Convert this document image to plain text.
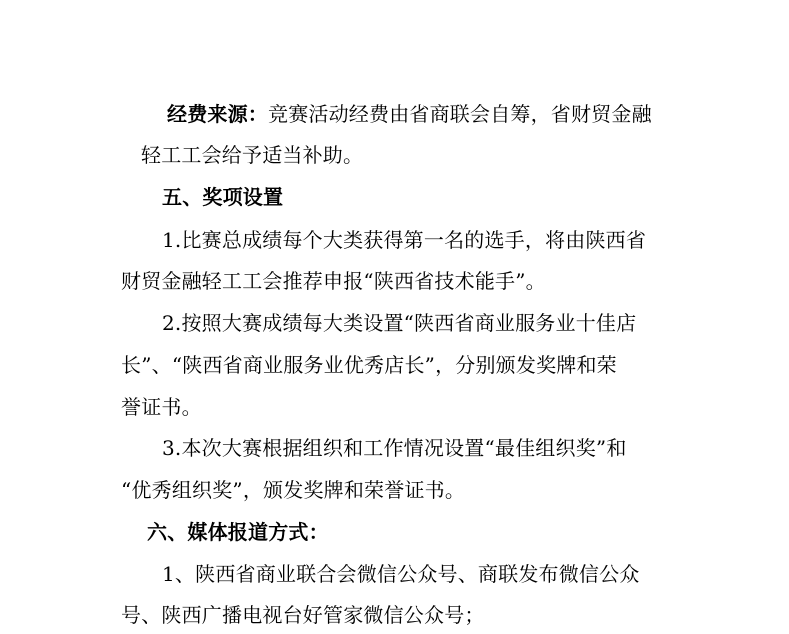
经费来源：竞赛活动经费由省商联会自筹，省财贸金融
轻工工会给予适当补助。
五、奖项设置
1.比赛总成绩每个大类获得第一名的选手，将由陕西省
财贸金融轻工工会推荐申报“陕西省技术能手”。
2.按照大赛成绩每大类设置“陕西省商业服务业十佳店
长”、“陕西省商业服务业优秀店长”，分别颁发奖牌和荣
誉证书。
3.本次大赛根据组织和工作情况设置“最佳组织奖”和
“优秀组织奖”，颁发奖牌和荣誉证书。
六、媒体报道方式：
1、陕西省商业联合会微信公众号、商联发布微信公众
号、陕西广播电视台好管家微信公众号；
